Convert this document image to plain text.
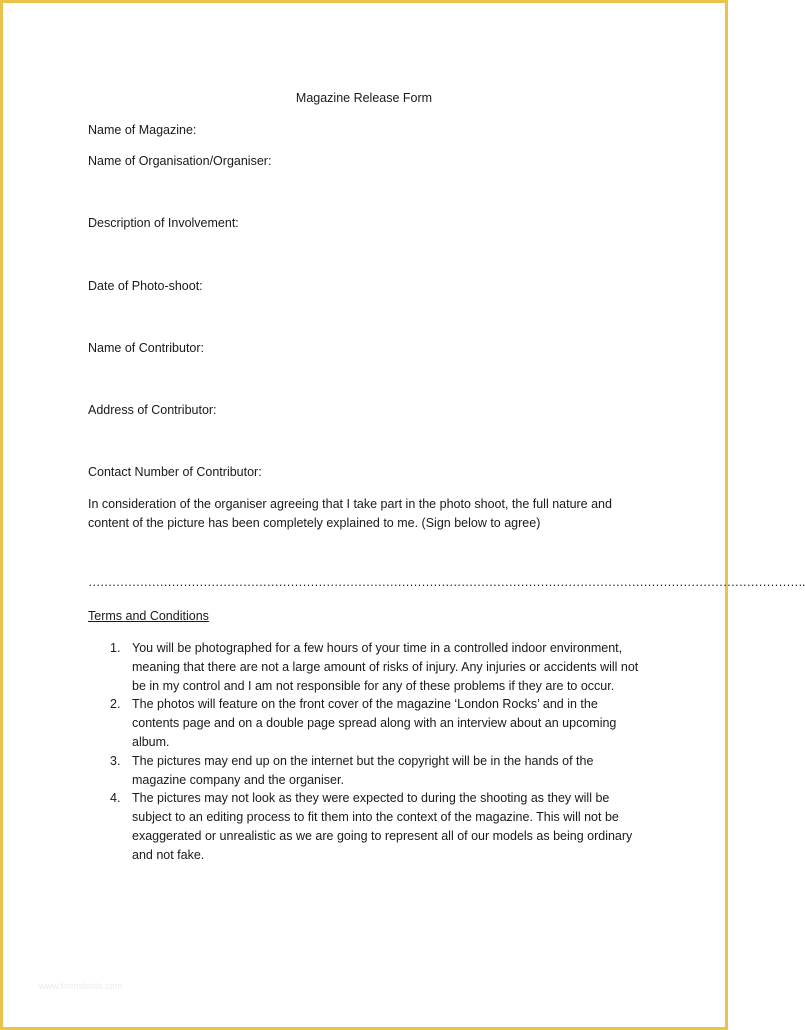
Magazine Release Form
Name of Magazine:
Name of Organisation/Organiser:
Description of Involvement:
Date of Photo-shoot:
Name of Contributor:
Address of Contributor:
Contact Number of Contributor:
In consideration of the organiser agreeing that I take part in the photo shoot, the full nature and content of the picture has been completely explained to me. (Sign below to agree)
……………………………………………………………………………………………………………………………………………………………….
Terms and Conditions
1. You will be photographed for a few hours of your time in a controlled indoor environment, meaning that there are not a large amount of risks of injury. Any injuries or accidents will not be in my control and I am not responsible for any of these problems if they are to occur.
2. The photos will feature on the front cover of the magazine ‘London Rocks’ and in the contents page and on a double page spread along with an interview about an upcoming album.
3. The pictures may end up on the internet but the copyright will be in the hands of the magazine company and the organiser.
4. The pictures may not look as they were expected to during the shooting as they will be subject to an editing process to fit them into the context of the magazine. This will not be exaggerated or unrealistic as we are going to represent all of our models as being ordinary and not fake.
www.formsbirds.com
